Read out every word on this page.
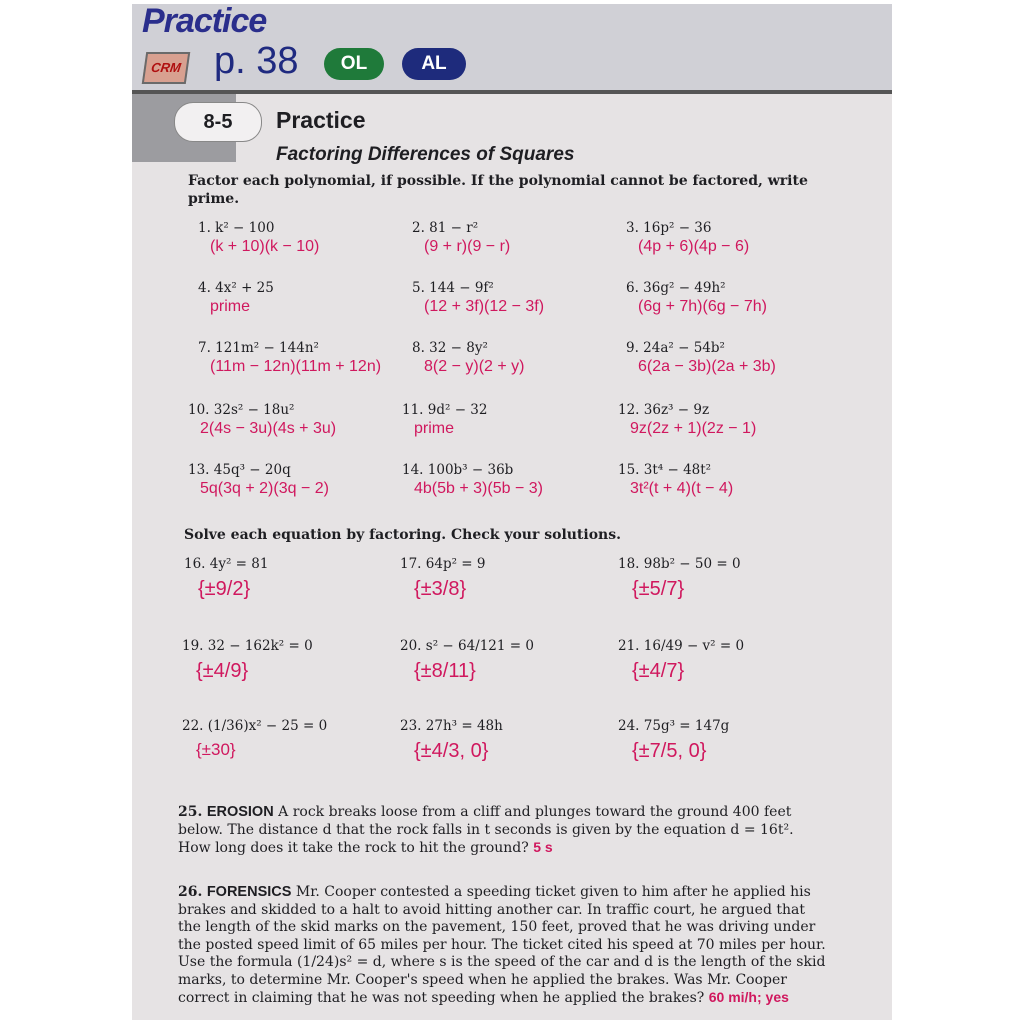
Practice
CRM p. 38	OL	AL
8-5	Practice
Factoring Differences of Squares
Factor each polynomial, if possible. If the polynomial cannot be factored, write prime.
1. k² − 100
(k + 10)(k − 10)
2. 81 − r²
(9 + r)(9 − r)
3. 16p² − 36
(4p + 6)(4p − 6)
4. 4x² + 25
prime
5. 144 − 9f²
(12 + 3f)(12 − 3f)
6. 36g² − 49h²
(6g + 7h)(6g − 7h)
7. 121m² − 144n²
(11m − 12n)(11m + 12n)
8. 32 − 8y²
8(2 − y)(2 + y)
9. 24a² − 54b²
6(2a − 3b)(2a + 3b)
10. 32s² − 18u²
2(4s − 3u)(4s + 3u)
11. 9d² − 32
prime
12. 36z³ − 9z
9z(2z + 1)(2z − 1)
13. 45q³ − 20q
5q(3q + 2)(3q − 2)
14. 100b³ − 36b
4b(5b + 3)(5b − 3)
15. 3t⁴ − 48t²
3t²(t + 4)(t − 4)
Solve each equation by factoring. Check your solutions.
16. 4y² = 81
{±9/2}
17. 64p² = 9
{±3/8}
18. 98b² − 50 = 0
{±5/7}
19. 32 − 162k² = 0
{±4/9}
20. s² − 64/121 = 0
{±8/11}
21. 16/49 − v² = 0
{±4/7}
22. (1/36)x² − 25 = 0
{±30}
23. 27h³ = 48h
{±4/3, 0}
24. 75g³ = 147g
{±7/5, 0}
25. EROSION A rock breaks loose from a cliff and plunges toward the ground 400 feet below. The distance d that the rock falls in t seconds is given by the equation d = 16t². How long does it take the rock to hit the ground? 5 s
26. FORENSICS Mr. Cooper contested a speeding ticket given to him after he applied his brakes and skidded to a halt to avoid hitting another car. In traffic court, he argued that the length of the skid marks on the pavement, 150 feet, proved that he was driving under the posted speed limit of 65 miles per hour. The ticket cited his speed at 70 miles per hour. Use the formula (1/24)s² = d, where s is the speed of the car and d is the length of the skid marks, to determine Mr. Cooper's speed when he applied the brakes. Was Mr. Cooper correct in claiming that he was not speeding when he applied the brakes? 60 mi/h; yes
